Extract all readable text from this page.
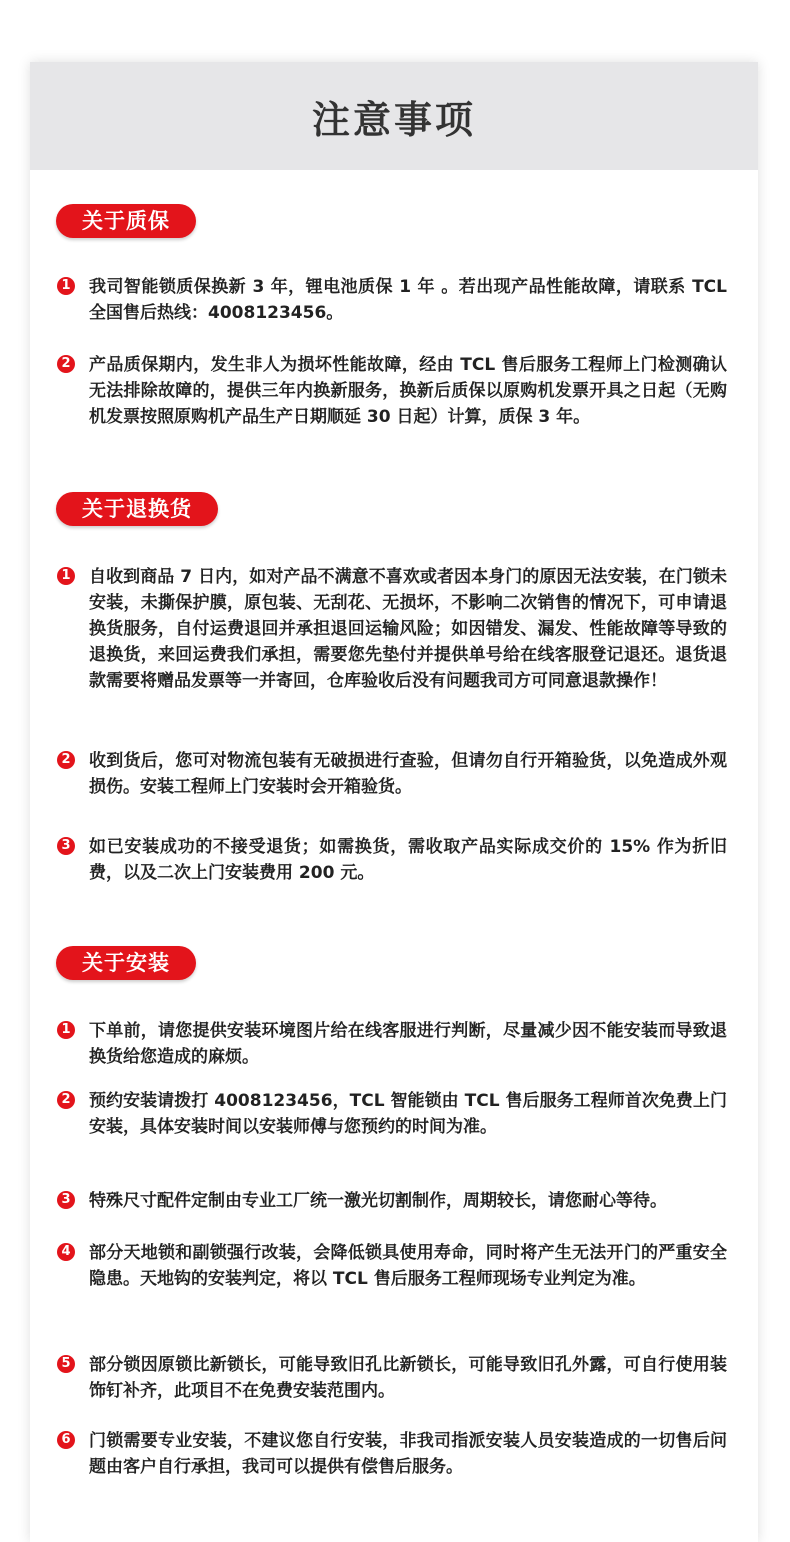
注意事项
关于质保
1 我司智能锁质保换新 3 年，锂电池质保 1 年 。若出现产品性能故障，请联系 TCL 全国售后热线：4008123456。
2 产品质保期内，发生非人为损坏性能故障，经由 TCL 售后服务工程师上门检测确认无法排除故障的，提供三年内换新服务，换新后质保以原购机发票开具之日起（无购机发票按照原购机产品生产日期顺延 30 日起）计算，质保 3 年。
关于退换货
1 自收到商品 7 日内，如对产品不满意不喜欢或者因本身门的原因无法安装，在门锁未安装，未撕保护膜，原包装、无刮花、无损坏，不影响二次销售的情况下，可申请退换货服务，自付运费退回并承担退回运输风险；如因错发、漏发、性能故障等导致的退换货，来回运费我们承担，需要您先垫付并提供单号给在线客服登记退还。退货退款需要将赠品发票等一并寄回，仓库验收后没有问题我司方可同意退款操作！
2 收到货后，您可对物流包装有无破损进行查验，但请勿自行开箱验货，以免造成外观损伤。安装工程师上门安装时会开箱验货。
3 如已安装成功的不接受退货；如需换货，需收取产品实际成交价的 15% 作为折旧费，以及二次上门安装费用 200 元。
关于安装
1 下单前，请您提供安装环境图片给在线客服进行判断，尽量减少因不能安装而导致退换货给您造成的麻烦。
2 预约安装请拨打 4008123456，TCL 智能锁由 TCL 售后服务工程师首次免费上门安装，具体安装时间以安装师傅与您预约的时间为准。
3 特殊尺寸配件定制由专业工厂统一激光切割制作，周期较长，请您耐心等待。
4 部分天地锁和副锁强行改装，会降低锁具使用寿命，同时将产生无法开门的严重安全隐患。天地钩的安装判定，将以 TCL 售后服务工程师现场专业判定为准。
5 部分锁因原锁比新锁长，可能导致旧孔比新锁长，可能导致旧孔外露，可自行使用装饰钉补齐，此项目不在免费安装范围内。
6 门锁需要专业安装，不建议您自行安装，非我司指派安装人员安装造成的一切售后问题由客户自行承担，我司可以提供有偿售后服务。
